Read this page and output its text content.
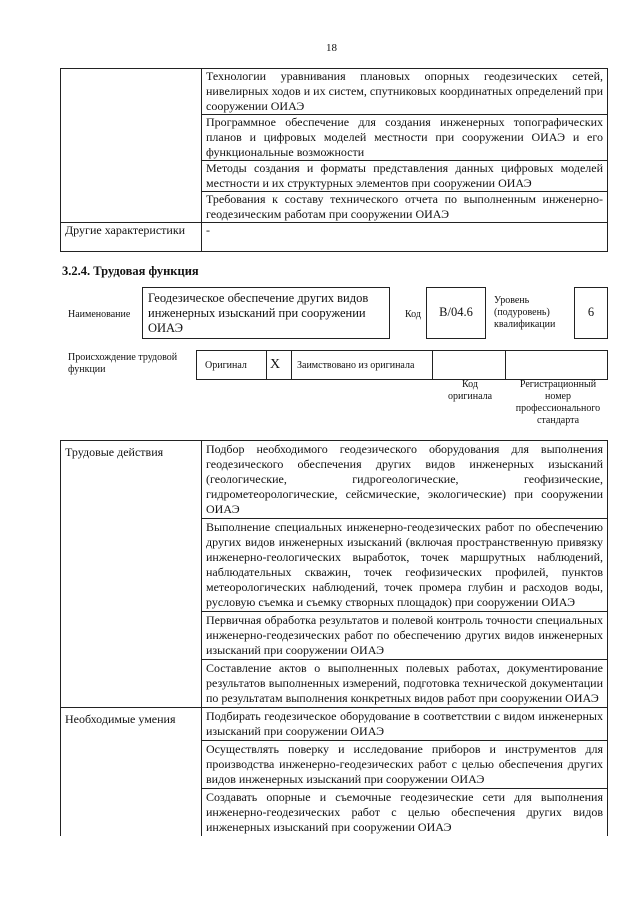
18
	Технологии уравнивания плановых опорных геодезических сетей, нивелирных ходов и их систем, спутниковых координатных определений при сооружении ОИАЭ
	Программное обеспечение для создания инженерных топографических планов и цифровых моделей местности при сооружении ОИАЭ и его функциональные возможности
	Методы создания и форматы представления данных цифровых моделей местности и их структурных элементов при сооружении ОИАЭ
	Требования к составу технического отчета по выполненным инженерно-геодезическим работам при сооружении ОИАЭ
Другие характеристики	-
3.2.4. Трудовая функция
Наименование
Геодезическое обеспечение других видов инженерных изысканий при сооружении ОИАЭ
Код	B/04.6
Уровень (подуровень) квалификации
6
Происхождение трудовой функции	Оригинал X Заимствовано из оригинала
Код оригинала
Регистрационный номер профессионального стандарта
Трудовые действия	Подбор необходимого геодезического оборудования для выполнения геодезического обеспечения других видов инженерных изысканий (геологические, гидрогеологические, геофизические, гидрометеорологические, сейсмические, экологические) при сооружении ОИАЭ
	Выполнение специальных инженерно-геодезических работ по обеспечению других видов инженерных изысканий (включая пространственную привязку инженерно-геологических выработок, точек маршрутных наблюдений, наблюдательных скважин, точек геофизических профилей, пунктов метеорологических наблюдений, точек промера глубин и расходов воды, русловую съемка и съемку створных площадок) при сооружении ОИАЭ
	Первичная обработка результатов и полевой контроль точности специальных инженерно-геодезических работ по обеспечению других видов инженерных изысканий при сооружении ОИАЭ
	Составление актов о выполненных полевых работах, документирование результатов выполненных измерений, подготовка технической документации по результатам выполнения конкретных видов работ при сооружении ОИАЭ
Необходимые умения	Подбирать геодезическое оборудование в соответствии с видом инженерных изысканий при сооружении ОИАЭ
	Осуществлять поверку и исследование приборов и инструментов для производства инженерно-геодезических работ с целью обеспечения других видов инженерных изысканий при сооружении ОИАЭ
	Создавать опорные и съемочные геодезические сети для выполнения инженерно-геодезических работ с целью обеспечения других видов инженерных изысканий при сооружении ОИАЭ
